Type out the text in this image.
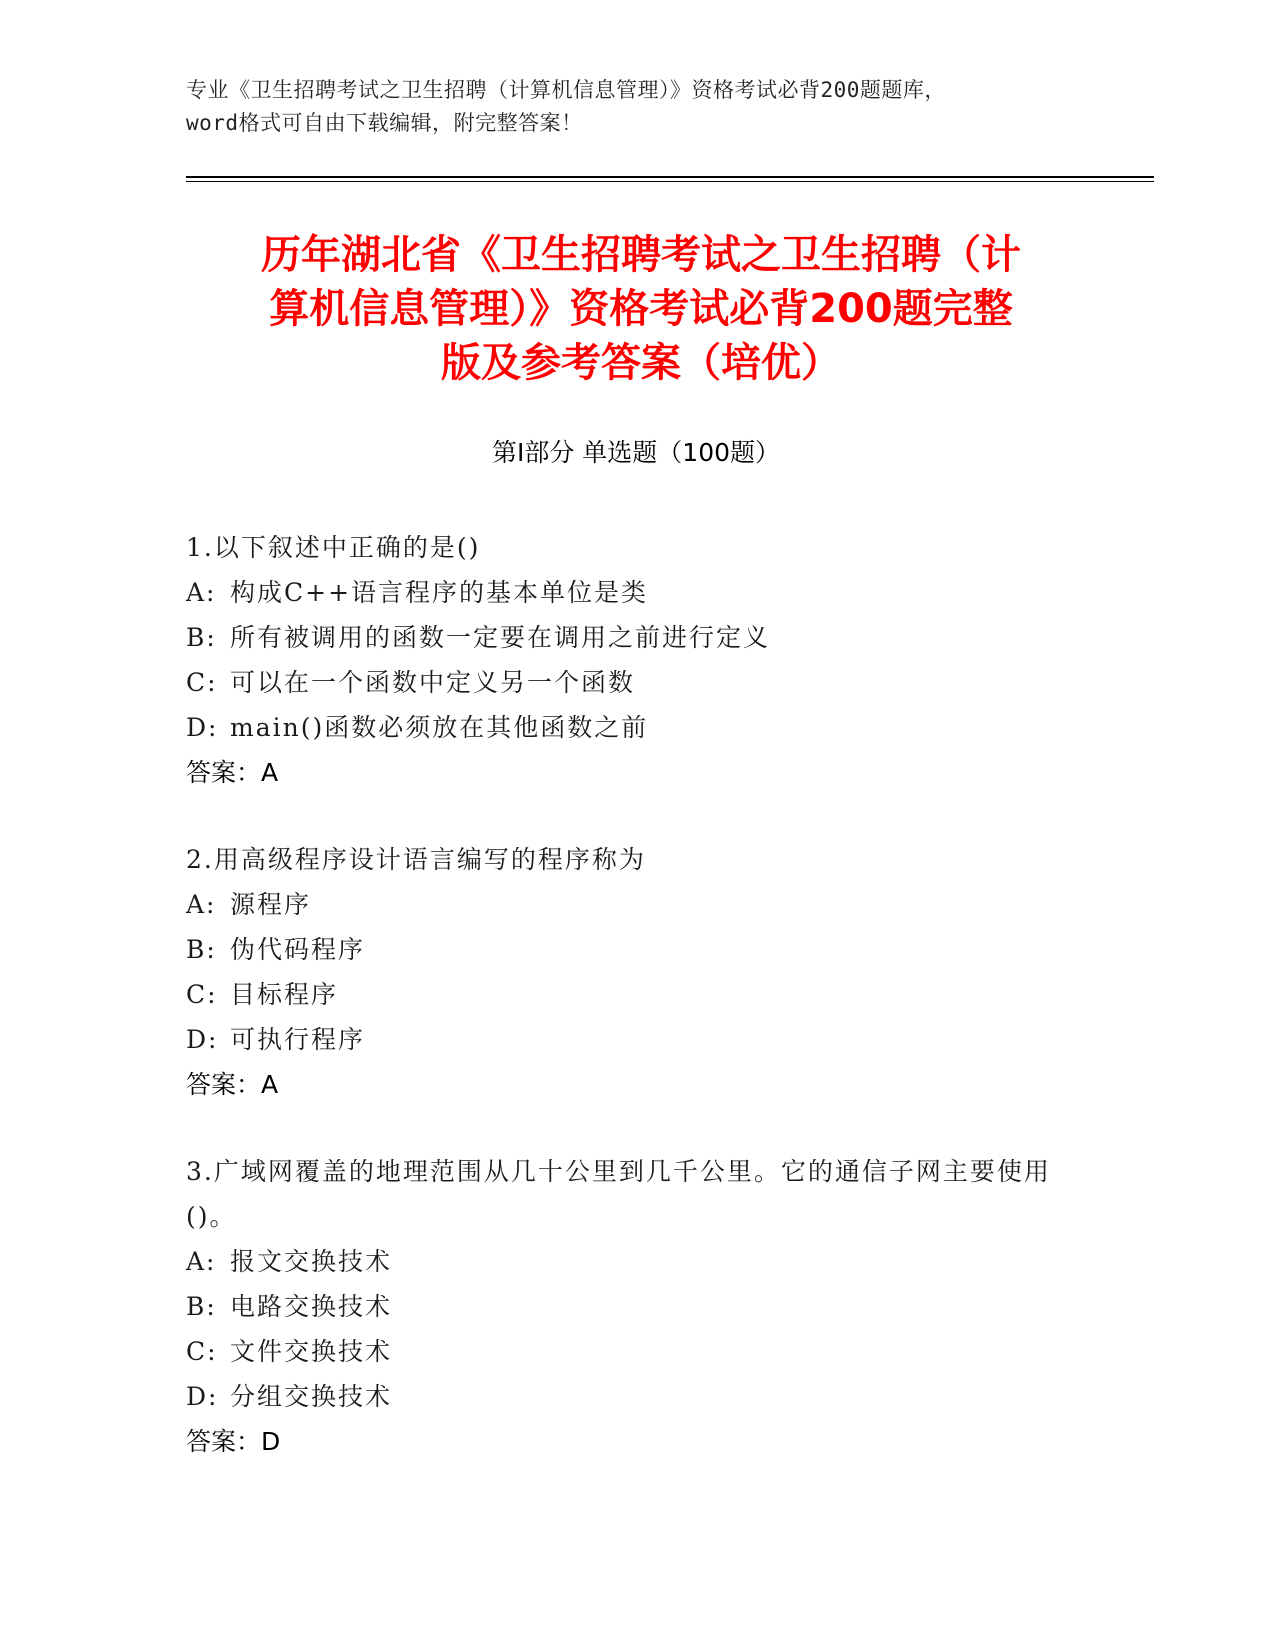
专业《卫生招聘考试之卫生招聘（计算机信息管理）》资格考试必背200题题库，
word格式可自由下载编辑，附完整答案！
历年湖北省《卫生招聘考试之卫生招聘（计
算机信息管理）》资格考试必背200题完整
版及参考答案（培优）
第Ⅰ部分 单选题（100题）
1.以下叙述中正确的是()
A: 构成C++语言程序的基本单位是类
B: 所有被调用的函数一定要在调用之前进行定义
C: 可以在一个函数中定义另一个函数
D: main()函数必须放在其他函数之前
答案：A
2.用高级程序设计语言编写的程序称为
A: 源程序
B: 伪代码程序
C: 目标程序
D: 可执行程序
答案：A
3.广域网覆盖的地理范围从几十公里到几千公里。它的通信子网主要使用()。
A: 报文交换技术
B: 电路交换技术
C: 文件交换技术
D: 分组交换技术
答案：D
